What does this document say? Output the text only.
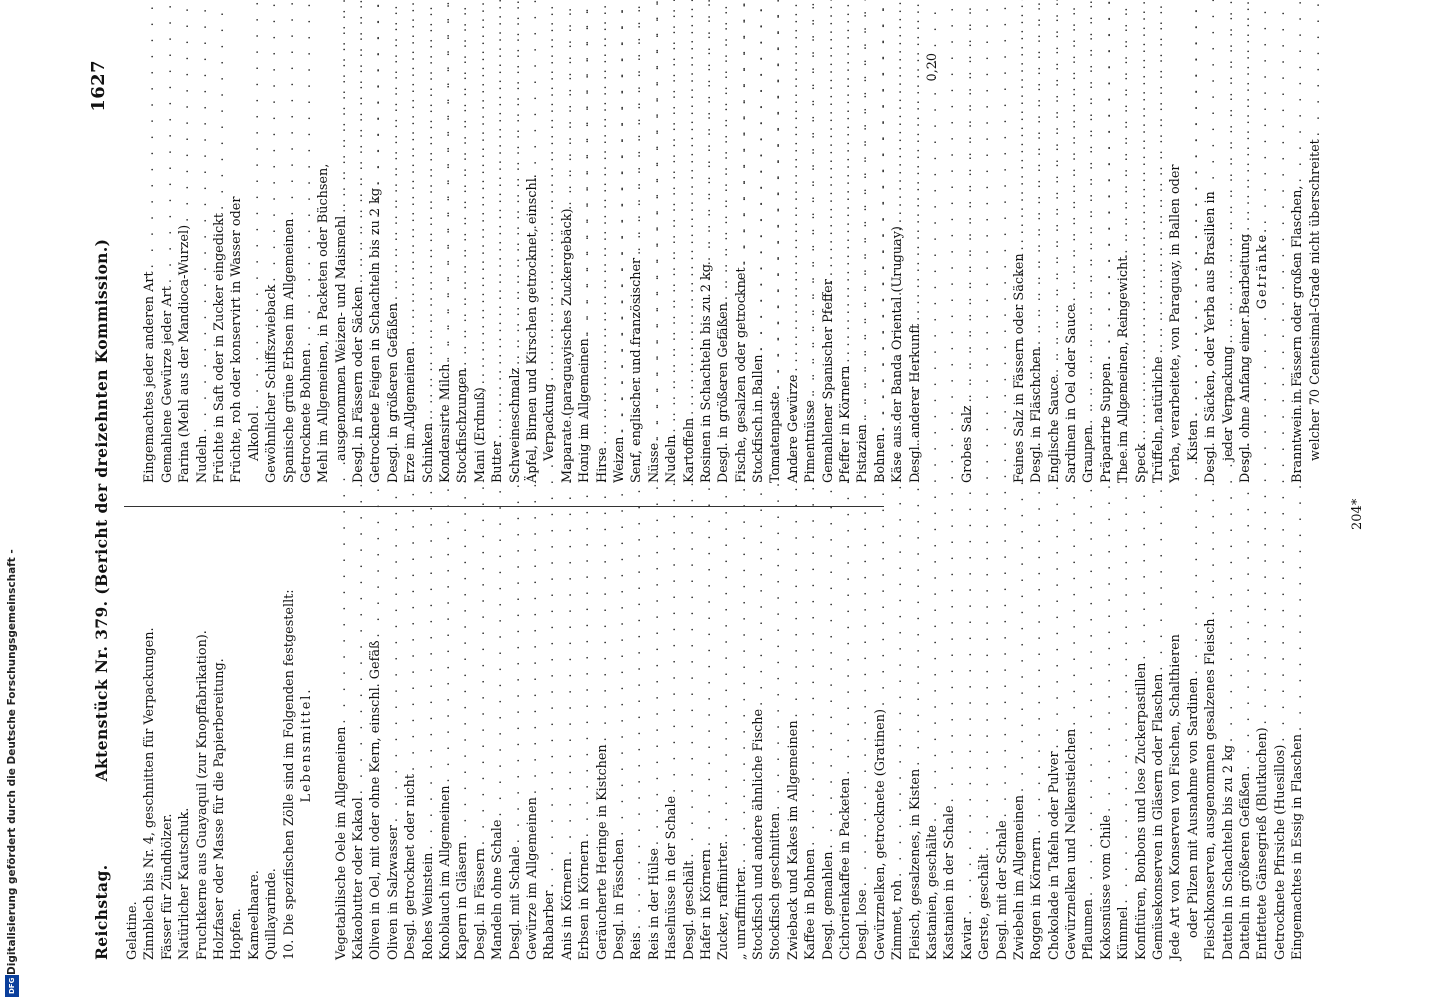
Reichstag.
Aktenstück Nr. 379. (Bericht der dreizehnten Kommission.)
1627
Gelatine. Zinnblech bis Nr. 4, geschnitten für Verpackungen. Fässer für Zündhölzer. Natürlicher Kautschuk. Fruchtkerne aus Guayaquil (zur Knopffabrikation). Holzfaser oder Masse für die Papierbereitung. Hopfen. Kameelhaare. Quillayarinde. 10. Die spezifischen Zölle sind im Folgenden festgestellt: Lebensmittel. Vegetabilische Oele im Allgemeinen
. . . Kakaobutter oder Kakaol
. . . Oliven in Oel, mit oder ohne Kern, einschl. Gefäß
. . . Oliven in Salzwasser
. . . Desgl. getrocknet oder nicht
. . . Rohes Weinstein
. . . Knoblauch im Allgemeinen
. . . Kapern in Gläsern
. . . Desgl. in Fässern
. . . Mandeln ohne Schale
. . . Desgl. mit Schale
. . . Gewürze im Allgemeinen
. . . Rhabarber
. . . Anis in Körnern
. . . Erbsen in Körnern
. . . Geräucherte Heringe in Kistchen
. . . Desgl. in Fässchen
. . . Reis . . . Reis in der Hülse
. . . Haselnüsse in der Schale
. . . Desgl. geschält
. . . Hafer in Körnern
. . . Zucker, raffinirter.
. . . „ unraffinirter. . . . Stockfisch und andere ähnliche Fische
. . . Stockfisch geschnitten
. . . Zwieback und Kakes im Allgemeinen
. . . Kaffee in Bohnen
. . . Desgl. gemahlen
. . . Cichorienkaffee in Packeten
. . . Desgl. lose . . . Gewürznelken, getrocknete (Gratinen)
. . . Zimmet, roh . . . Fleisch, gesalzenes, in Kisten
. . . Kastanien, geschälte
. . . Kastanien in der Schale
. . . Kaviar . . . Gerste, geschält
. . . Desgl. mit der Schale
. . . Zwiebeln im Allgemeinen
. . . Roggen in Körnern
. . . Chokolade in Tafeln oder Pulver
. . . Gewürznelken und Nelkenstielchen
. . . Pflaumen . . . Kokosnüsse vom Chile
. . . Kümmel . . . Konfitüren, Bonbons und lose Zuckerpastillen
. . . Gemüsekonserven in Gläsern oder Flaschen
. . . Jede Art von Konserven von Fischen, Schalthieren oder Pilzen mit Ausnahme von Sardinen
. . . Fleischkonserven, ausgenommen gesalzenes Fleisch
. . . Datteln in Schachteln bis zu 2 kg
. . . Datteln in größeren Gefäßen
. . . Entfettete Gänsegrieß (Blutkuchen)
. . . Getrocknete Pfirsiche (Huesillos)
. . . Eingemachtes in Essig in Flaschen
. . .
Eingemachtes jeder anderen Art
. . . Gemahlene Gewürze jeder Art
. . . Farina (Mehl aus der Mandioca-Wurzel)
. . . Nudeln . . . Früchte in Saft oder in Zucker eingedickt
. . . Früchte, roh oder konservirt in Wasser oder Alkohol . . . Gewöhnlicher Schiffszwieback
. . . Spanische grüne Erbsen im Allgemeinen
. . . Getrocknete Bohnen . . . Mehl im Allgemeinen, in Packeten oder Büchsen, ausgenommen Weizen- und Maismehl
. . . Desgl. in Fässern oder Säcken
. . . Getrocknete Feigen in Schachteln bis zu 2 kg
. . . Desgl. in größeren Gefäßen
. . . Erze im Allgemeinen
. . . Schinken
. . . Kondensirte Milch
. . . Stockfischzungen
. . . Mani (Erdnuß)
. . . Butter . . . Schweineschmalz . . . Äpfel, Birnen und Kirschen getrocknet, einschl. Verpackung . . . Maparate (paraguayisches Zuckergebäck)
. . . Honig im Allgemeinen
. . . Hirse
. . . Weizen . . . Senf, englischer und französischer
. . . Nüsse
. . . Nudeln
. . . Kartoffeln . . . Rosinen in Schachteln bis zu 2 kg
. . . Desgl. in größeren Gefäßen
. . . Fische, gesalzen oder getrocknet
. . . Stockfisch in Ballen
. . . Tomatenpaste
. . . Andere Gewürze
. . . Pimentnüsse . . . Gemahlener Spanischer Pfeffer
. . . Pfeffer in Körnern
. . . Pistazien
. . . Bohnen . . . Käse aus der Banda Oriental (Uruguay)
. . . Desgl. anderer Herkunft
. . .
0,20
Grobes Salz . . .	Feines Salz in Fässern oder Säcken
. . . Desgl. in Fläschchen
. . . Englische Sauce
. . . Sardinen in Oel oder Sauce
. . . Graupen
. . . Präparirte Suppen
. . . Thee im Allgemeinen, Reingewicht
. . . Speck . . . Trüffeln, natürliche . . . Yerba, verarbeitete, von Paraguay, in Ballen oder Kisten . . . Desgl. in Säcken, oder Yerba aus Brasilien in jeder Verpackung
. . . Desgl. ohne Anfang einer Bearbeitung
. . . Getränke. Branntwein in Fässern oder großen Flaschen, welcher 70 Centesimal-Grade nicht überschreitet
. . .
204*
Digitalisierung gefördert durch die Deutsche Forschungsgemeinschaft -
DFG
